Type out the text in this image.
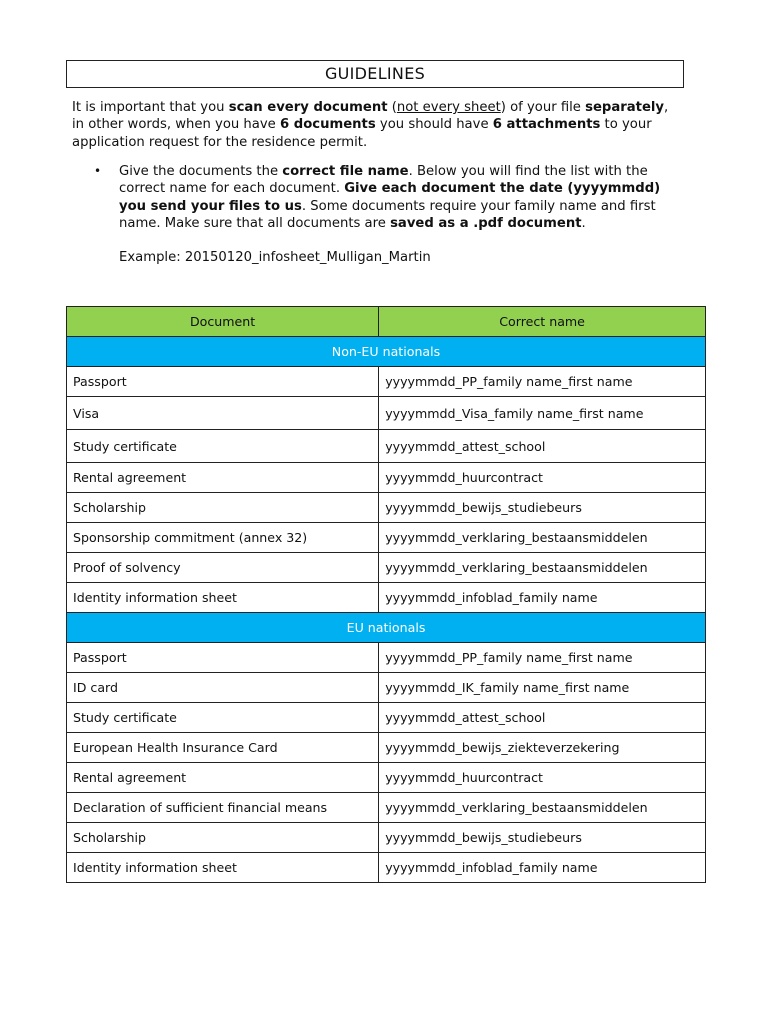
GUIDELINES
It is important that you scan every document (not every sheet) of your file separately, in other words, when you have 6 documents you should have 6 attachments to your application request for the residence permit.
•	Give the documents the correct file name. Below you will find the list with the correct name for each document. Give each document the date (yyyymmdd) you send your files to us. Some documents require your family name and first name. Make sure that all documents are saved as a .pdf document.
Example: 20150120_infosheet_Mulligan_Martin
Document	Correct name
Non-EU nationals	
Passport	yyyymmdd_PP_family name_first name
Visa	yyyymmdd_Visa_family name_first name
Study certificate	yyyymmdd_attest_school
Rental agreement	yyyymmdd_huurcontract
Scholarship	yyyymmdd_bewijs_studiebeurs
Sponsorship commitment (annex 32)	yyyymmdd_verklaring_bestaansmiddelen
Proof of solvency	yyyymmdd_verklaring_bestaansmiddelen
Identity information sheet	yyyymmdd_infoblad_family name
EU nationals	
Passport	yyyymmdd_PP_family name_first name
ID card	yyyymmdd_IK_family name_first name
Study certificate	yyyymmdd_attest_school
European Health Insurance Card	yyyymmdd_bewijs_ziekteverzekering
Rental agreement	yyyymmdd_huurcontract
Declaration of sufficient financial means	yyyymmdd_verklaring_bestaansmiddelen
Scholarship	yyyymmdd_bewijs_studiebeurs
Identity information sheet	yyyymmdd_infoblad_family name
